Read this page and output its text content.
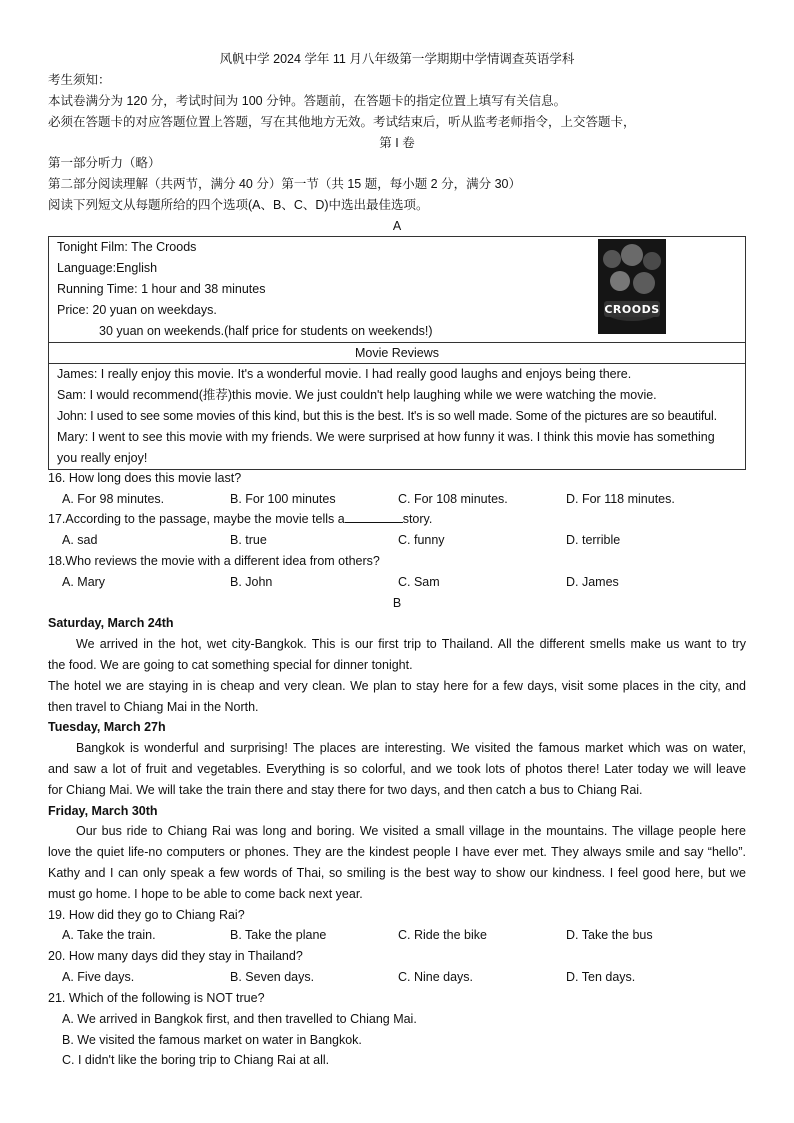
风帆中学 2024 学年 11 月八年级第一学期期中学情调查英语学科
考生须知：
本试卷满分为 120 分，考试时间为 100 分钟。答题前，在答题卡的指定位置上填写有关信息。
必须在答题卡的对应答题位置上答题，写在其他地方无效。考试结束后，听从监考老师指令，上交答题卡，
第 I 卷
第一部分听力（略）
第二部分阅读理解（共两节，满分 40 分）第一节（共 15 题，每小题 2 分，满分 30）
阅读下列短文从每题所给的四个选项(A、B、C、D)中选出最佳选项。
A
Tonight Film: The Croods
Language:English
Running Time: 1 hour and 38 minutes
Price: 20 yuan on weekdays.
30 yuan on weekends.(half price for students on weekends!)

Movie Reviews

James: I really enjoy this movie. It's a wonderful movie. I had really good laughs and enjoys being there.
Sam: I would recommend(推荐)this movie. We just couldn't help laughing while we were watching the movie.
John: I used to see some movies of this kind, but this is the best. It's is so well made. Some of the pictures are so beautiful.
Mary: I went to see this movie with my friends. We were surprised at how funny it was. I think this movie has something
you really enjoy!
CROODS
16. How long does this movie last?
A. For 98 minutes.	B. For 100 minutes	C. For 108 minutes.	D. For 118 minutes.
17.According to the passage, maybe the movie tells a	story.
A. sad	B. true	C. funny	D. terrible
18.Who reviews the movie with a different idea from others?
A. Mary	B. John	C. Sam	D. James
B
Saturday, March 24th
We arrived in the hot, wet city-Bangkok. This is our first trip to Thailand. All the different smells make us want to try
the food. We are going to cat something special for dinner tonight.
The hotel we are staying in is cheap and very clean. We plan to stay here for a few days, visit some places in the city, and
then travel to Chiang Mai in the North.
Tuesday, March 27h
Bangkok is wonderful and surprising! The places are interesting. We visited the famous market which was on water,
and saw a lot of fruit and vegetables. Everything is so colorful, and we took lots of photos there! Later today we will leave
for Chiang Mai. We will take the train there and stay there for two days, and then catch a bus to Chiang Rai.
Friday, March 30th
Our bus ride to Chiang Rai was long and boring. We visited a small village in the mountains. The village people here
love the quiet life-no computers or phones. They are the kindest people I have ever met. They always smile and say “hello”.
Kathy and I can only speak a few words of Thai, so smiling is the best way to show our kindness. I feel good here, but we
must go home. I hope to be able to come back next year.
19. How did they go to Chiang Rai?
A. Take the train.	B. Take the plane	C. Ride the bike	D. Take the bus
20. How many days did they stay in Thailand?
A. Five days.	B. Seven days.	C. Nine days.	D. Ten days.
21. Which of the following is NOT true?
A. We arrived in Bangkok first, and then travelled to Chiang Mai.
B. We visited the famous market on water in Bangkok.
C. I didn't like the boring trip to Chiang Rai at all.
